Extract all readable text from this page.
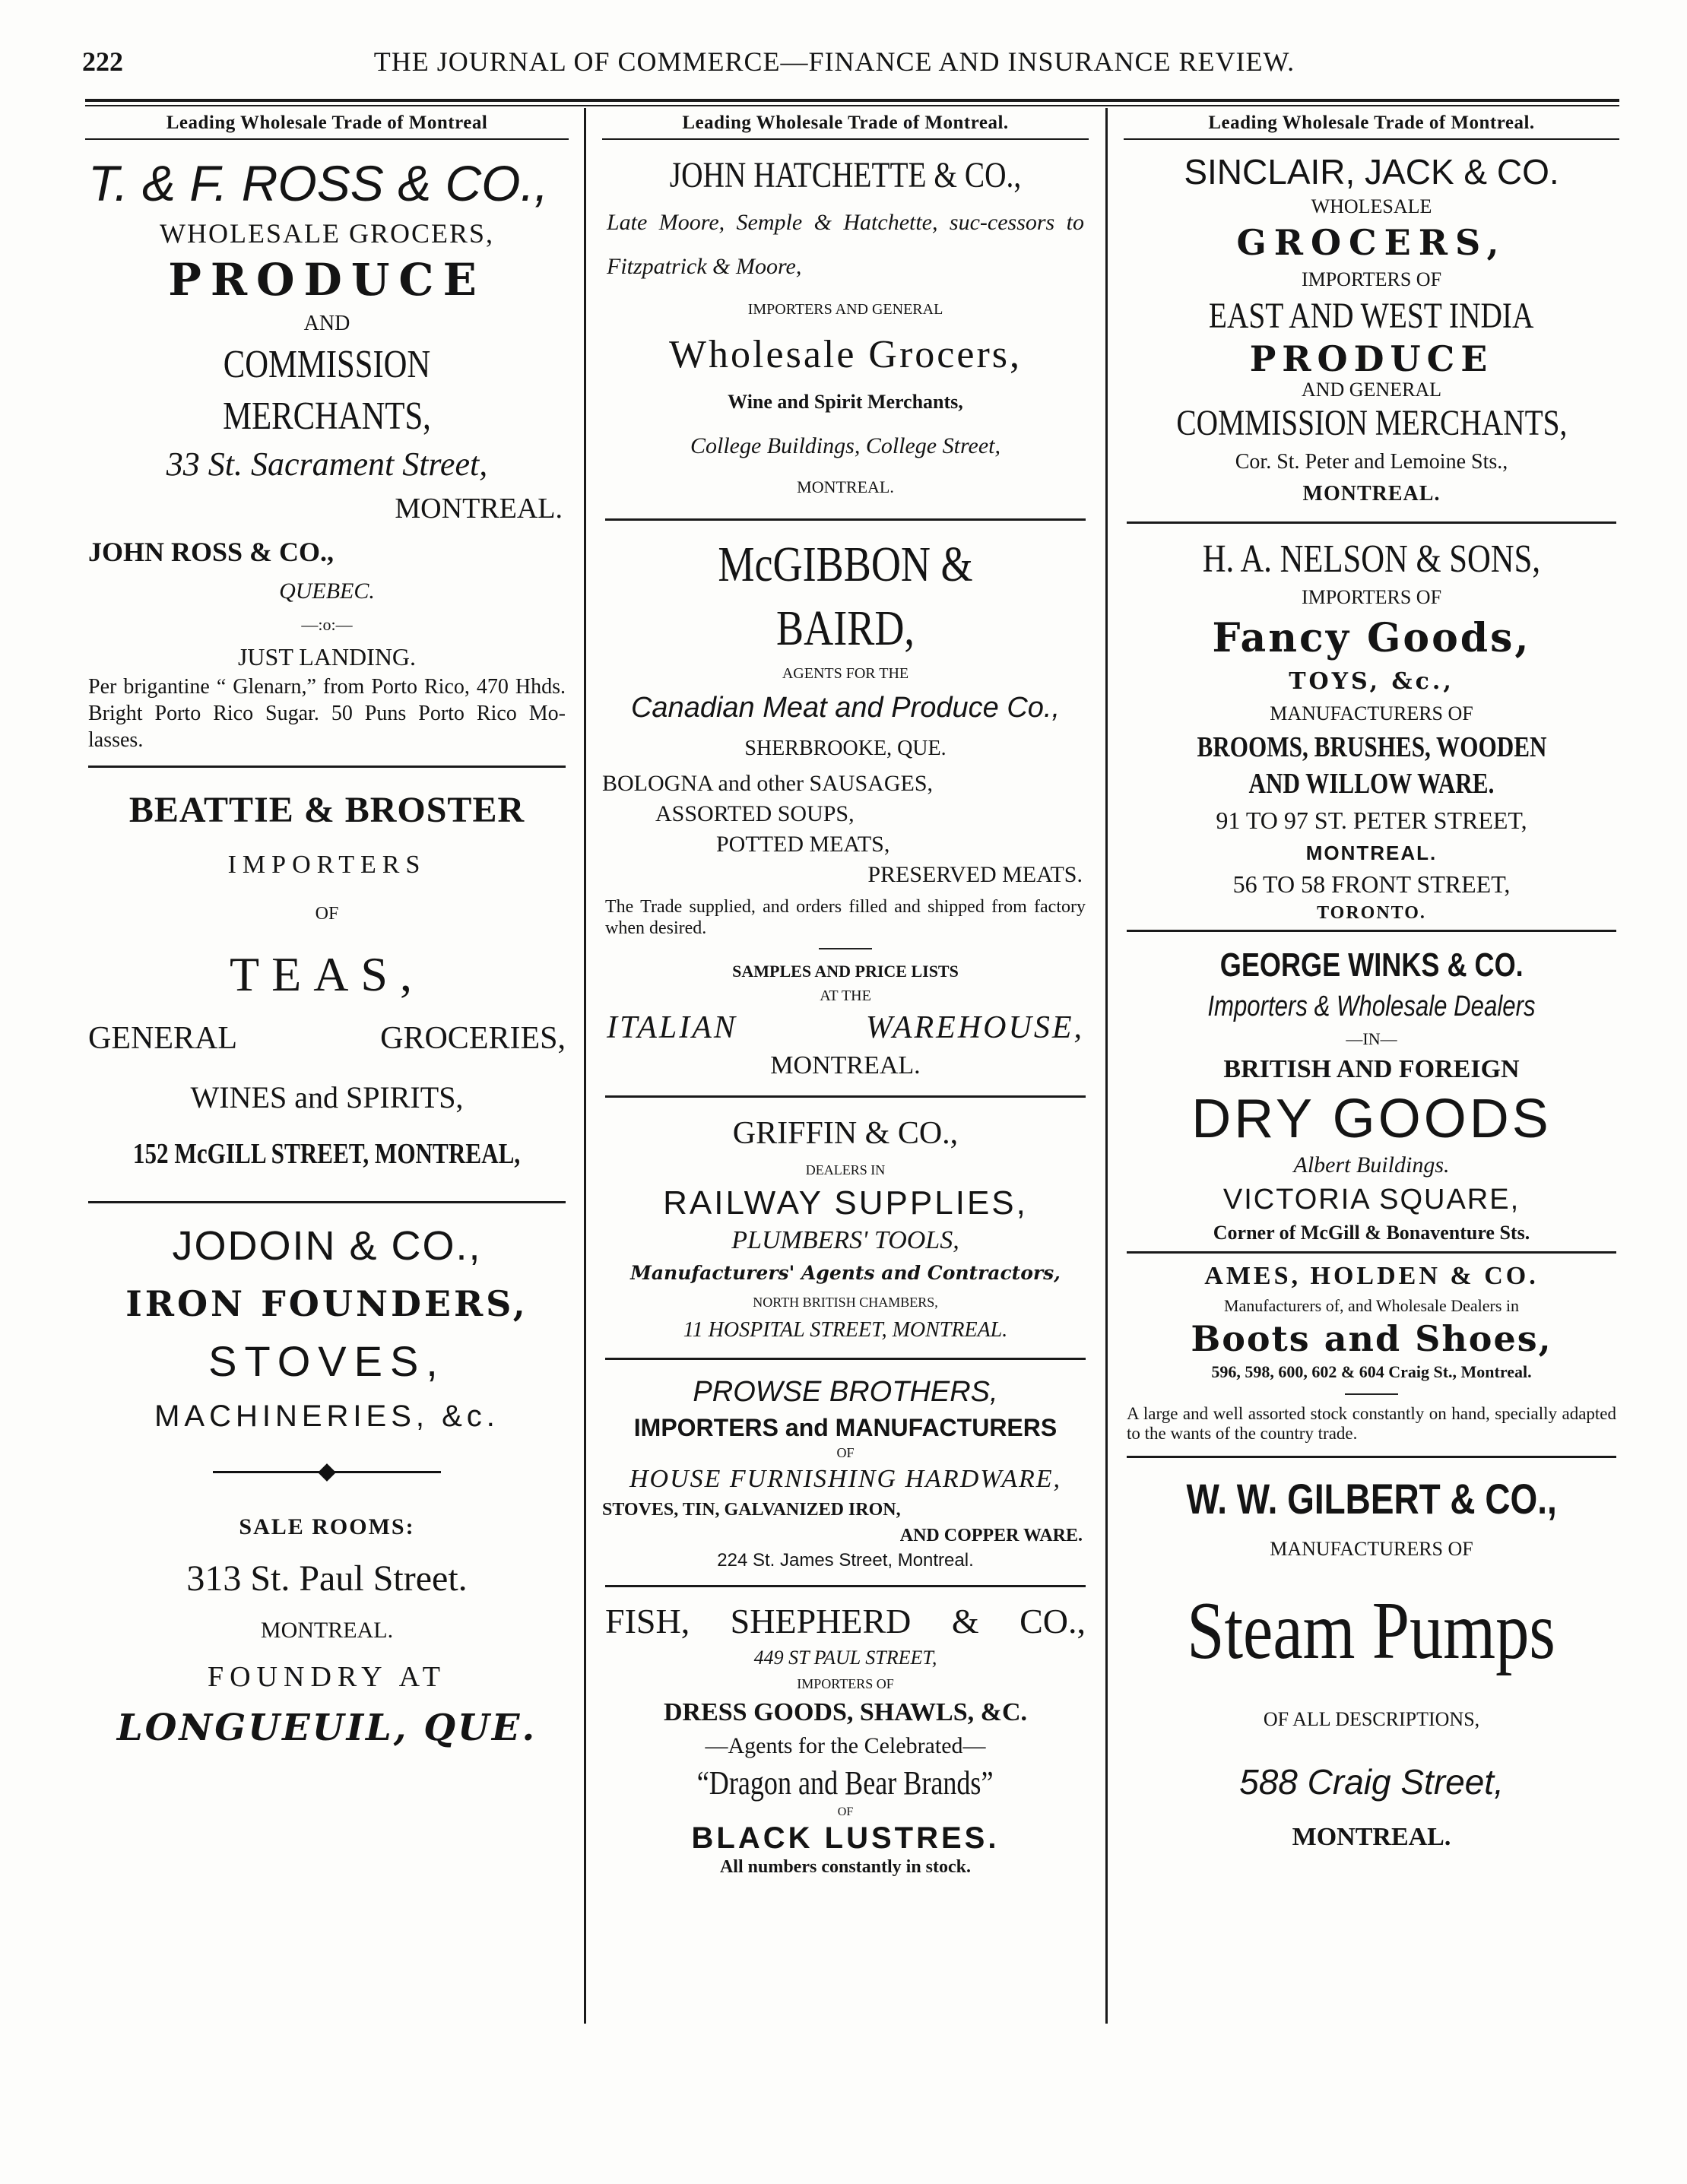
222	THE JOURNAL OF COMMERCE—FINANCE AND INSURANCE REVIEW.
Leading Wholesale Trade of Montreal
T. & F. ROSS & CO.,
WHOLESALE GROCERS,
PRODUCE
AND
COMMISSION MERCHANTS,
33 St. Sacrament Street,
MONTREAL.
JOHN ROSS & CO.,
QUEBEC.
—:o:—
JUST LANDING.
Per brigantine “ Glenarn,” from Porto Rico, 470 Hhds. Bright Porto Rico Sugar. 50 Puns Porto Rico Mo-lasses.
BEATTIE & BROSTER
IMPORTERS
OF
TEAS,
GENERAL GROCERIES,
WINES and SPIRITS,
152 McGILL STREET, MONTREAL,
JODOIN & CO.,
IRON FOUNDERS,
STOVES,
MACHINERIES, &c.
SALE ROOMS:
313 St. Paul Street.
MONTREAL.
FOUNDRY AT
LONGUEUIL, QUE.
Leading Wholesale Trade of Montreal.
JOHN HATCHETTE & CO.,
Late Moore, Semple & Hatchette, suc-cessors to Fitzpatrick & Moore,
IMPORTERS AND GENERAL
Wholesale Grocers,
Wine and Spirit Merchants,
College Buildings, College Street,
MONTREAL.
McGIBBON & BAIRD,
AGENTS FOR THE
Canadian Meat and Produce Co.,
SHERBROOKE, QUE.
BOLOGNA and other SAUSAGES,
ASSORTED SOUPS,
POTTED MEATS,
PRESERVED MEATS.
The Trade supplied, and orders filled and shipped from factory when desired.
SAMPLES AND PRICE LISTS
AT THE
ITALIAN WAREHOUSE,
MONTREAL.
GRIFFIN & CO.,
DEALERS IN
RAILWAY SUPPLIES,
PLUMBERS' TOOLS,
Manufacturers' Agents and Contractors,
NORTH BRITISH CHAMBERS,
11 HOSPITAL STREET, MONTREAL.
PROWSE BROTHERS,
IMPORTERS and MANUFACTURERS
OF
HOUSE FURNISHING HARDWARE,
STOVES, TIN, GALVANIZED IRON,
AND COPPER WARE.
224 St. James Street, Montreal.
FISH, SHEPHERD & CO.,
449 ST PAUL STREET,
IMPORTERS OF
DRESS GOODS, SHAWLS, &C.
—Agents for the Celebrated—
“Dragon and Bear Brands”
OF
BLACK LUSTRES.
All numbers constantly in stock.
Leading Wholesale Trade of Montreal.
SINCLAIR, JACK & CO.
WHOLESALE
GROCERS,
IMPORTERS OF
EAST AND WEST INDIA
PRODUCE
AND GENERAL
COMMISSION MERCHANTS,
Cor. St. Peter and Lemoine Sts.,
MONTREAL.
H. A. NELSON & SONS,
IMPORTERS OF
Fancy Goods,
TOYS, &c.,
MANUFACTURERS OF
BROOMS, BRUSHES, WOODEN
AND WILLOW WARE.
91 TO 97 ST. PETER STREET,
MONTREAL.
56 TO 58 FRONT STREET,
TORONTO.
GEORGE WINKS & CO.
Importers & Wholesale Dealers
—IN—
BRITISH AND FOREIGN
DRY GOODS
Albert Buildings.
VICTORIA SQUARE,
Corner of McGill & Bonaventure Sts.
AMES, HOLDEN & CO.
Manufacturers of, and Wholesale Dealers in
Boots and Shoes,
596, 598, 600, 602 & 604 Craig St., Montreal.
A large and well assorted stock constantly on hand, specially adapted to the wants of the country trade.
W. W. GILBERT & CO.,
MANUFACTURERS OF
Steam Pumps
OF ALL DESCRIPTIONS,
588 Craig Street,
MONTREAL.
